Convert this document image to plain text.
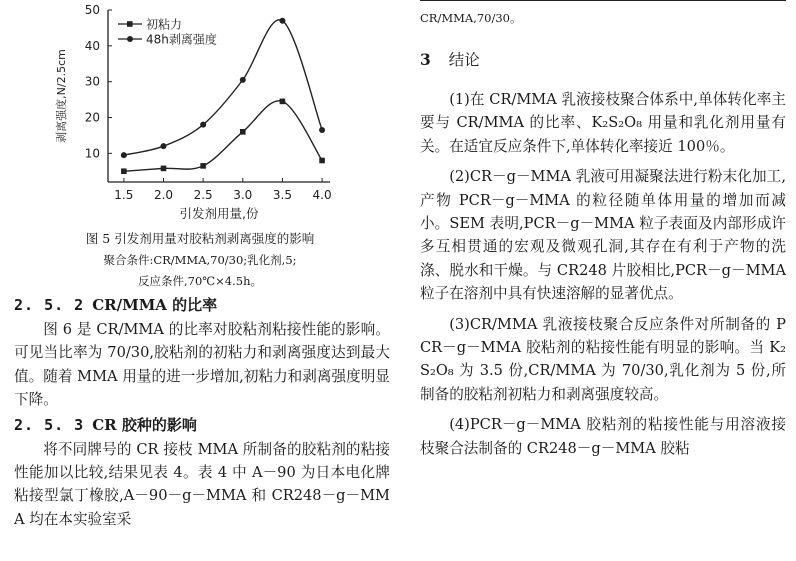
1.5 2.0 2.5 3.0 3.5 4.0
10
20
30
40
50
引发剂用量,份
剥离强度,N/2.5cm
初粘力
48h剥离强度
图 5 引发剂用量对胶粘剂剥离强度的影响
聚合条件:CR/MMA,70/30;乳化剂,5;
反应条件,70℃×4.5h。
2. 5. 2 CR/MMA 的比率
图 6 是 CR/MMA 的比率对胶粘剂粘接性能的影响。可见当比率为 70/30,胶粘剂的初粘力和剥离强度达到最大值。随着 MMA 用量的进一步增加,初粘力和剥离强度明显下降。
2. 5. 3 CR 胶种的影响
将不同牌号的 CR 接枝 MMA 所制备的胶粘剂的粘接性能加以比较,结果见表 4。表 4 中 A－90 为日本电化牌粘接型氯丁橡胶,A－90－g－MMA 和 CR248－g－MMA 均在本实验室采
CR/MMA,70/30。
3 结论

(1)在 CR/MMA 乳液接枝聚合体系中,单体转化率主要与 CR/MMA 的比率、K₂S₂O₈ 用量和乳化剂用量有关。在适宜反应条件下,单体转化率接近 100％。

(2)CR－g－MMA 乳液可用凝聚法进行粉末化加工,产物 PCR－g－MMA 的粒径随单体用量的增加而减小。SEM 表明,PCR－g－MMA 粒子表面及内部形成许多互相贯通的宏观及微观孔洞,其存在有利于产物的洗涤、脱水和干燥。与 CR248 片胶相比,PCR－g－MMA 粒子在溶剂中具有快速溶解的显著优点。

(3)CR/MMA 乳液接枝聚合反应条件对所制备的 PCR－g－MMA 胶粘剂的粘接性能有明显的影响。当 K₂S₂O₈ 为 3.5 份,CR/MMA 为 70/30,乳化剂为 5 份,所制备的胶粘剂初粘力和剥离强度较高。

(4)PCR－g－MMA 胶粘剂的粘接性能与用溶液接枝聚合法制备的 CR248－g－MMA 胶粘
